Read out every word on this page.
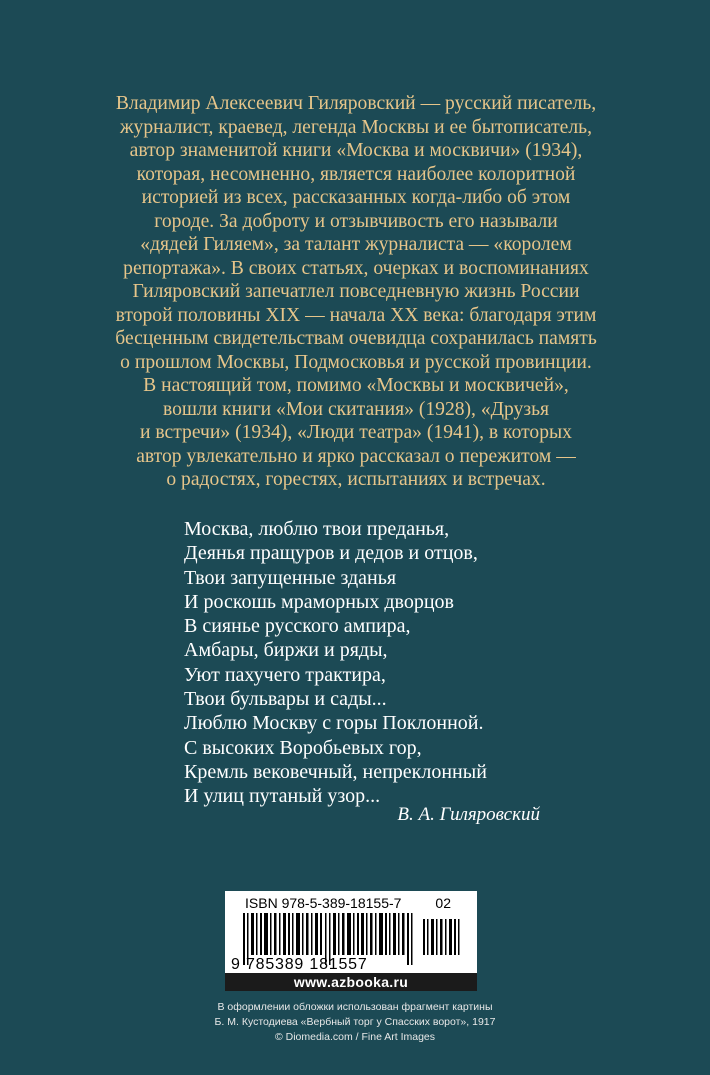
Владимир Алексеевич Гиляровский — русский писатель,
журналист, краевед, легенда Москвы и ее бытописатель,
автор знаменитой книги «Москва и москвичи» (1934),
которая, несомненно, является наиболее колоритной
историей из всех, рассказанных когда-либо об этом
городе. За доброту и отзывчивость его называли
«дядей Гиляем», за талант журналиста — «королем
репортажа». В своих статьях, очерках и воспоминаниях
Гиляровский запечатлел повседневную жизнь России
второй половины XIX — начала XX века: благодаря этим
бесценным свидетельствам очевидца сохранилась память
о прошлом Москвы, Подмосковья и русской провинции.
В настоящий том, помимо «Москвы и москвичей»,
вошли книги «Мои скитания» (1928), «Друзья
и встречи» (1934), «Люди театра» (1941), в которых
автор увлекательно и ярко рассказал о пережитом —
о радостях, горестях, испытаниях и встречах.
Москва, люблю твои преданья,
Деянья пращуров и дедов и отцов,
Твои запущенные зданья
И роскошь мраморных дворцов
В сиянье русского ампира,
Амбары, биржи и ряды,
Уют пахучего трактира,
Твои бульвары и сады...
Люблю Москву с горы Поклонной.
С высоких Воробьевых гор,
Кремль вековечный, непреклонный
И улиц путаный узор...
В. А. Гиляровский
ISBN 978-5-389-18155-7	02
9 785389 181557
www.azbooka.ru
В оформлении обложки использован фрагмент картины
Б. М. Кустодиева «Вербный торг у Спасских ворот», 1917
© Diomedia.com / Fine Art Images
